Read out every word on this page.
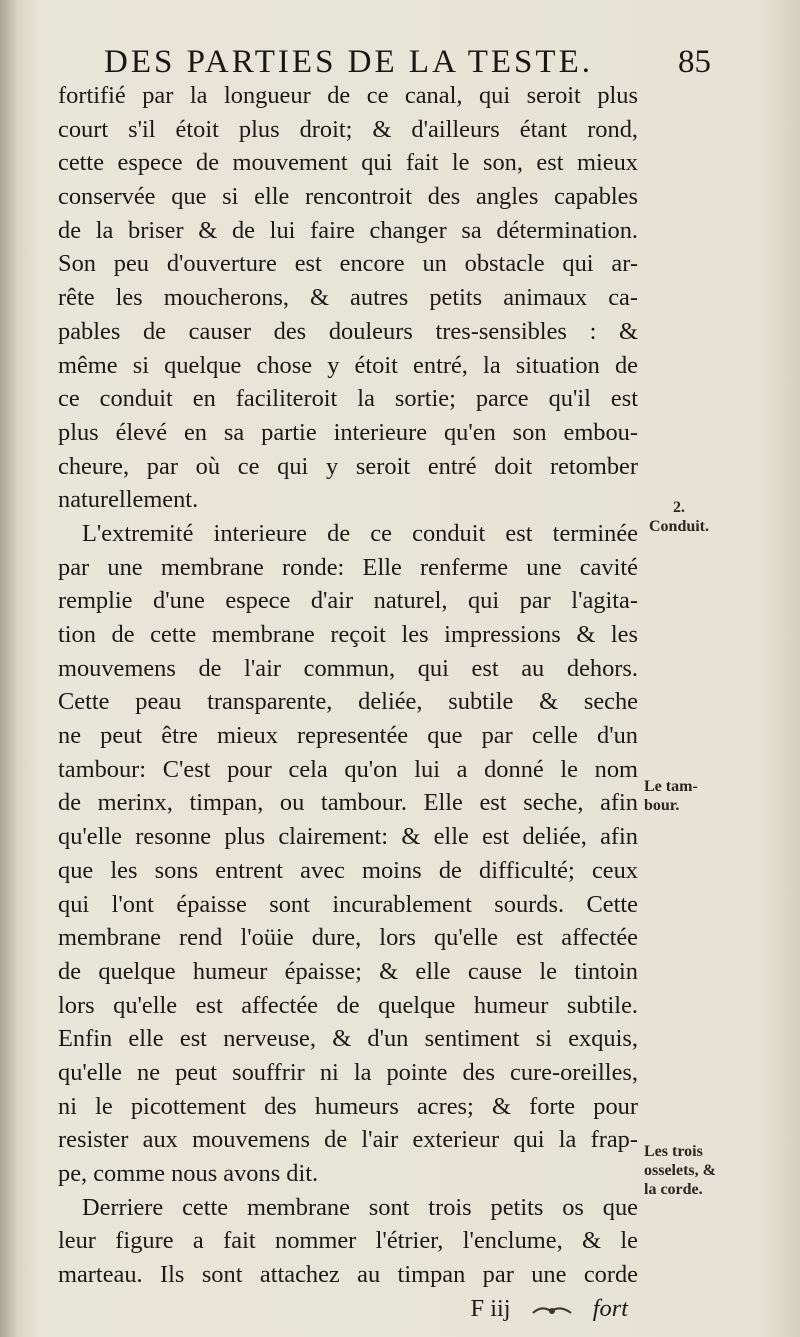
DES PARTIES DE LA TESTE.	85
fortifié par la longueur de ce canal, qui seroit plus
court s'il étoit plus droit; & d'ailleurs étant rond,
cette espece de mouvement qui fait le son, est mieux
conservée que si elle rencontroit des angles capables
de la briser & de lui faire changer sa détermination.
Son peu d'ouverture est encore un obstacle qui ar-
rête les moucherons, & autres petits animaux ca-
pables de causer des douleurs tres-sensibles : &
même si quelque chose y étoit entré, la situation de
ce conduit en faciliteroit la sortie; parce qu'il est
plus élevé en sa partie interieure qu'en son embou-
cheure, par où ce qui y seroit entré doit retomber
naturellement.
L'extremité interieure de ce conduit est terminée
par une membrane ronde: Elle renferme une cavité
remplie d'une espece d'air naturel, qui par l'agita-
tion de cette membrane reçoit les impressions & les
mouvemens de l'air commun, qui est au dehors.
Cette peau transparente, deliée, subtile & seche
ne peut être mieux representée que par celle d'un
tambour: C'est pour cela qu'on lui a donné le nom
de merinx, timpan, ou tambour. Elle est seche, afin
qu'elle resonne plus clairement: & elle est deliée, afin
que les sons entrent avec moins de difficulté; ceux
qui l'ont épaisse sont incurablement sourds. Cette
membrane rend l'oüie dure, lors qu'elle est affectée
de quelque humeur épaisse; & elle cause le tintoin
lors qu'elle est affectée de quelque humeur subtile.
Enfin elle est nerveuse, & d'un sentiment si exquis,
qu'elle ne peut souffrir ni la pointe des cure-oreilles,
ni le picottement des humeurs acres; & forte pour
resister aux mouvemens de l'air exterieur qui la frap-
pe, comme nous avons dit.
Derriere cette membrane sont trois petits os que
leur figure a fait nommer l'étrier, l'enclume, & le
marteau. Ils sont attachez au timpan par une corde
F iij	fort
2.
Conduit.
Le tam-
bour.
Les trois
osselets, &
la corde.
